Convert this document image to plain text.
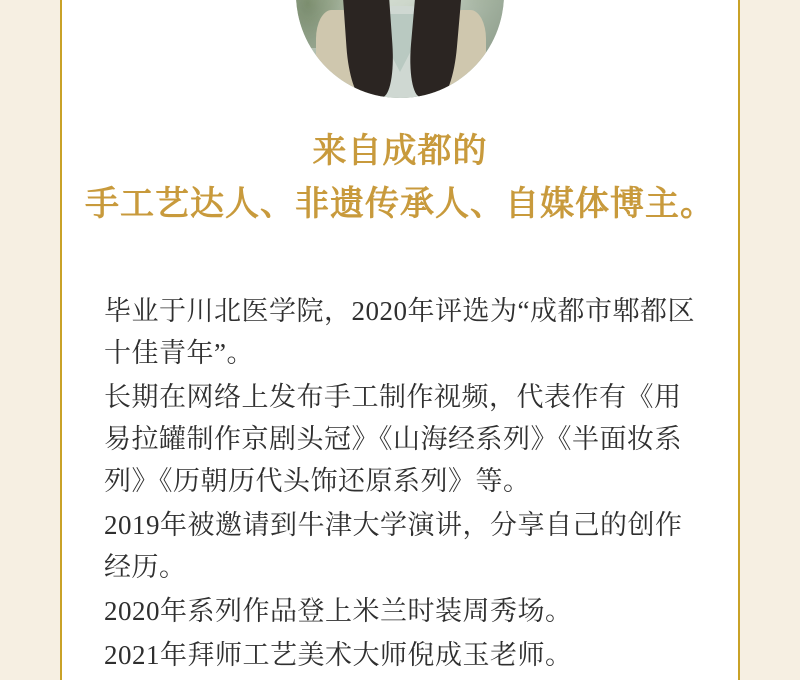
来自成都的
手工艺达人、非遗传承人、自媒体博主。

毕业于川北医学院，2020年评选为“成都市郫都区十佳青年”。

长期在网络上发布手工制作视频，代表作有《用易拉罐制作京剧头冠》《山海经系列》《半面妆系列》《历朝历代头饰还原系列》等。

2019年被邀请到牛津大学演讲，分享自己的创作经历。

2020年系列作品登上米兰时装周秀场。

2021年拜师工艺美术大师倪成玉老师。
